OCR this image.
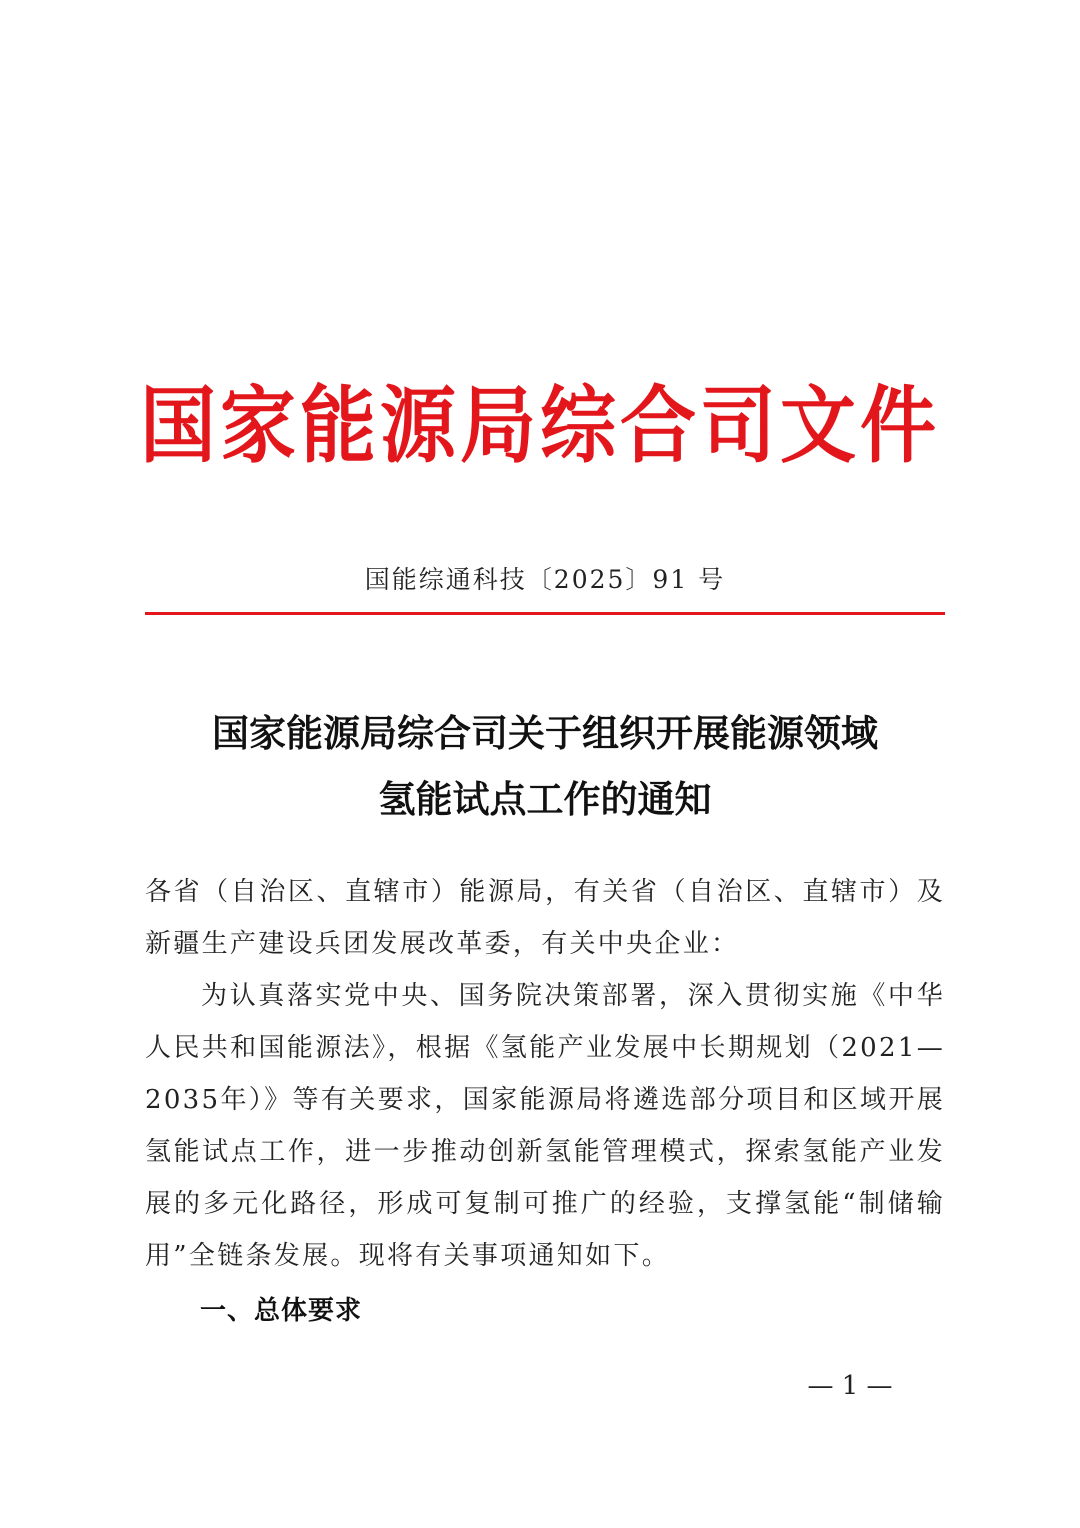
国家能源局综合司文件
国能综通科技〔2025〕91 号
国家能源局综合司关于组织开展能源领域
氢能试点工作的通知
各省（自治区、直辖市）能源局，有关省（自治区、直辖市）及新疆生产建设兵团发展改革委，有关中央企业：
为认真落实党中央、国务院决策部署，深入贯彻实施《中华人民共和国能源法》，根据《氢能产业发展中长期规划（2021—2035年）》等有关要求，国家能源局将遴选部分项目和区域开展氢能试点工作，进一步推动创新氢能管理模式，探索氢能产业发展的多元化路径，形成可复制可推广的经验，支撑氢能“制储输用”全链条发展。现将有关事项通知如下。
一、总体要求
— 1 —
